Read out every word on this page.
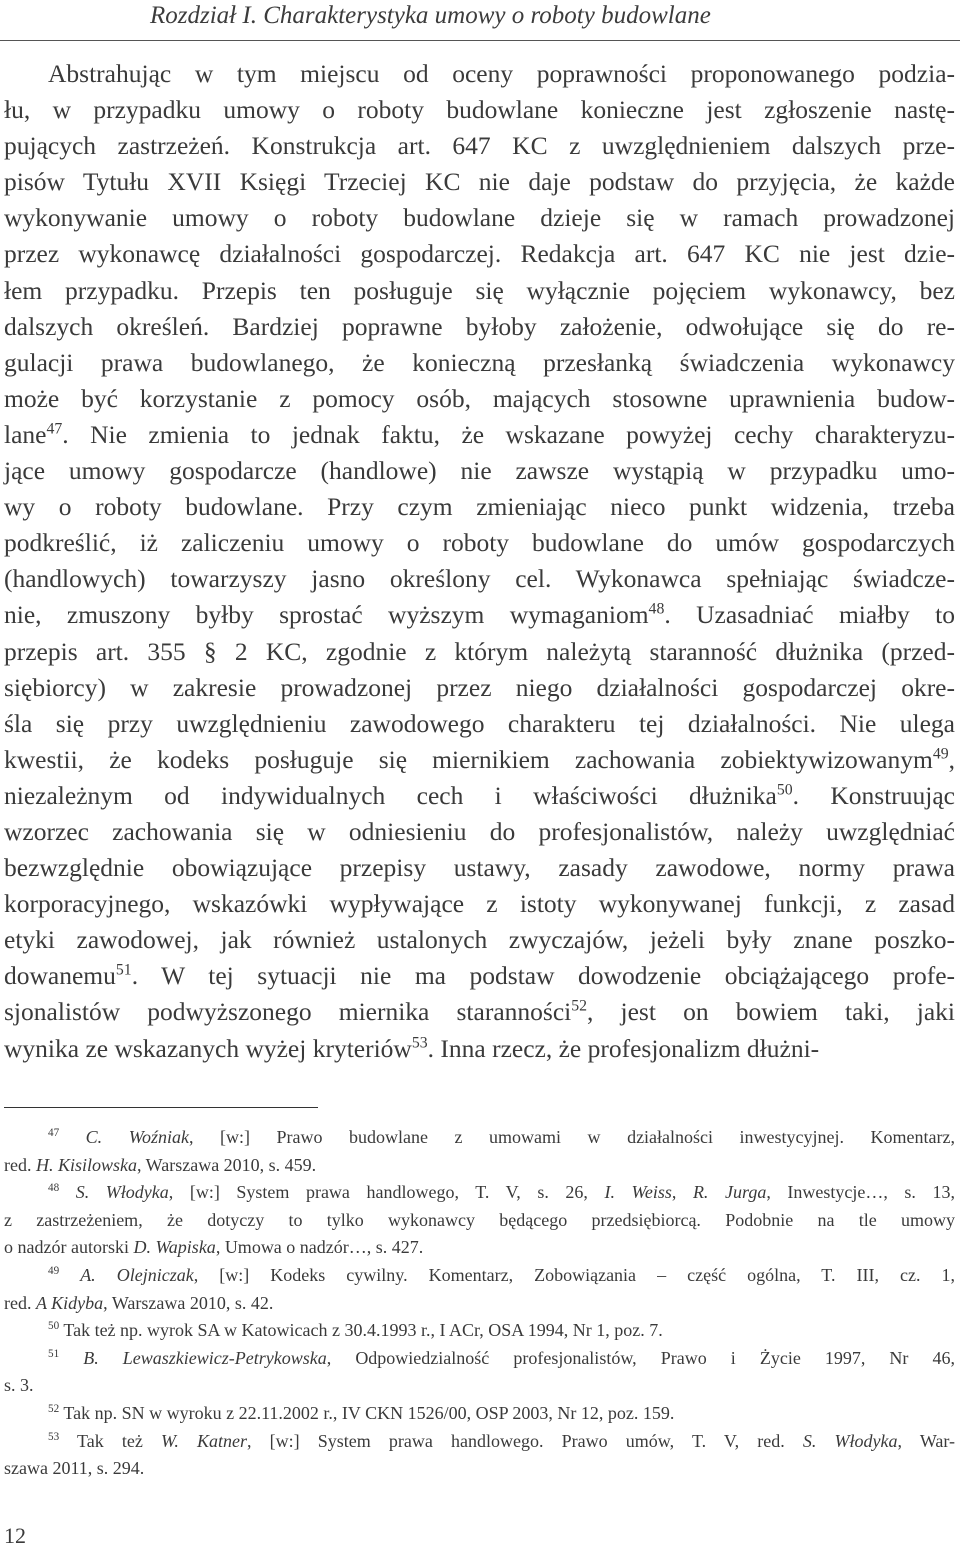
Rozdział I. Charakterystyka umowy o roboty budowlane
Abstrahując w tym miejscu od oceny poprawności proponowanego podzia-
łu, w przypadku umowy o roboty budowlane konieczne jest zgłoszenie nastę-
pujących zastrzeżeń. Konstrukcja art. 647 KC z uwzględnieniem dalszych prze-
pisów Tytułu XVII Księgi Trzeciej KC nie daje podstaw do przyjęcia, że każde
wykonywanie umowy o roboty budowlane dzieje się w ramach prowadzonej
przez wykonawcę działalności gospodarczej. Redakcja art. 647 KC nie jest dzie-
łem przypadku. Przepis ten posługuje się wyłącznie pojęciem wykonawcy, bez
dalszych określeń. Bardziej poprawne byłoby założenie, odwołujące się do re-
gulacji prawa budowlanego, że konieczną przesłanką świadczenia wykonawcy
może być korzystanie z pomocy osób, mających stosowne uprawnienia budow-
lane$^{47}$. Nie zmienia to jednak faktu, że wskazane powyżej cechy charakteryzu-
jące umowy gospodarcze (handlowe) nie zawsze wystąpią w przypadku umo-
wy o roboty budowlane. Przy czym zmieniając nieco punkt widzenia, trzeba
podkreślić, iż zaliczeniu umowy o roboty budowlane do umów gospodarczych
(handlowych) towarzyszy jasno określony cel. Wykonawca spełniając świadcze-
nie, zmuszony byłby sprostać wyższym wymaganiom$^{48}$. Uzasadniać miałby to
przepis art. 355 § 2 KC, zgodnie z którym należytą staranność dłużnika (przed-
siębiorcy) w zakresie prowadzonej przez niego działalności gospodarczej okre-
śla się przy uwzględnieniu zawodowego charakteru tej działalności. Nie ulega
kwestii, że kodeks posługuje się miernikiem zachowania zobiektywizowanym$^{49}$,
niezależnym od indywidualnych cech i właściwości dłużnika$^{50}$. Konstruując
wzorzec zachowania się w odniesieniu do profesjonalistów, należy uwzględniać
bezwzględnie obowiązujące przepisy ustawy, zasady zawodowe, normy prawa
korporacyjnego, wskazówki wypływające z istoty wykonywanej funkcji, z zasad
etyki zawodowej, jak również ustalonych zwyczajów, jeżeli były znane poszko-
dowanemu$^{51}$. W tej sytuacji nie ma podstaw dowodzenie obciążającego profe-
sjonalistów podwyższonego miernika staranności$^{52}$, jest on bowiem taki, jaki
wynika ze wskazanych wyżej kryteriów$^{53}$. Inna rzecz, że profesjonalizm dłużni-
$^{47}$ C. Woźniak, [w:] Prawo budowlane z umowami w działalności inwestycyjnej. Komentarz,
red. H. Kisilowska, Warszawa 2010, s. 459.
$^{48}$ S. Włodyka, [w:] System prawa handlowego, T. V, s. 26, I. Weiss, R. Jurga, Inwestycje…, s. 13,
z zastrzeżeniem, że dotyczy to tylko wykonawcy będącego przedsiębiorcą. Podobnie na tle umowy
o nadzór autorski D. Wapiska, Umowa o nadzór…, s. 427.
$^{49}$ A. Olejniczak, [w:] Kodeks cywilny. Komentarz, Zobowiązania – część ogólna, T. III, cz. 1,
red. A Kidyba, Warszawa 2010, s. 42.
$^{50}$ Tak też np. wyrok SA w Katowicach z 30.4.1993 r., I ACr, OSA 1994, Nr 1, poz. 7.
$^{51}$ B. Lewaszkiewicz-Petrykowska, Odpowiedzialność profesjonalistów, Prawo i Życie 1997, Nr 46,
s. 3.
$^{52}$ Tak np. SN w wyroku z 22.11.2002 r., IV CKN 1526/00, OSP 2003, Nr 12, poz. 159.
$^{53}$ Tak też W. Katner, [w:] System prawa handlowego. Prawo umów, T. V, red. S. Włodyka, War-
szawa 2011, s. 294.
12
